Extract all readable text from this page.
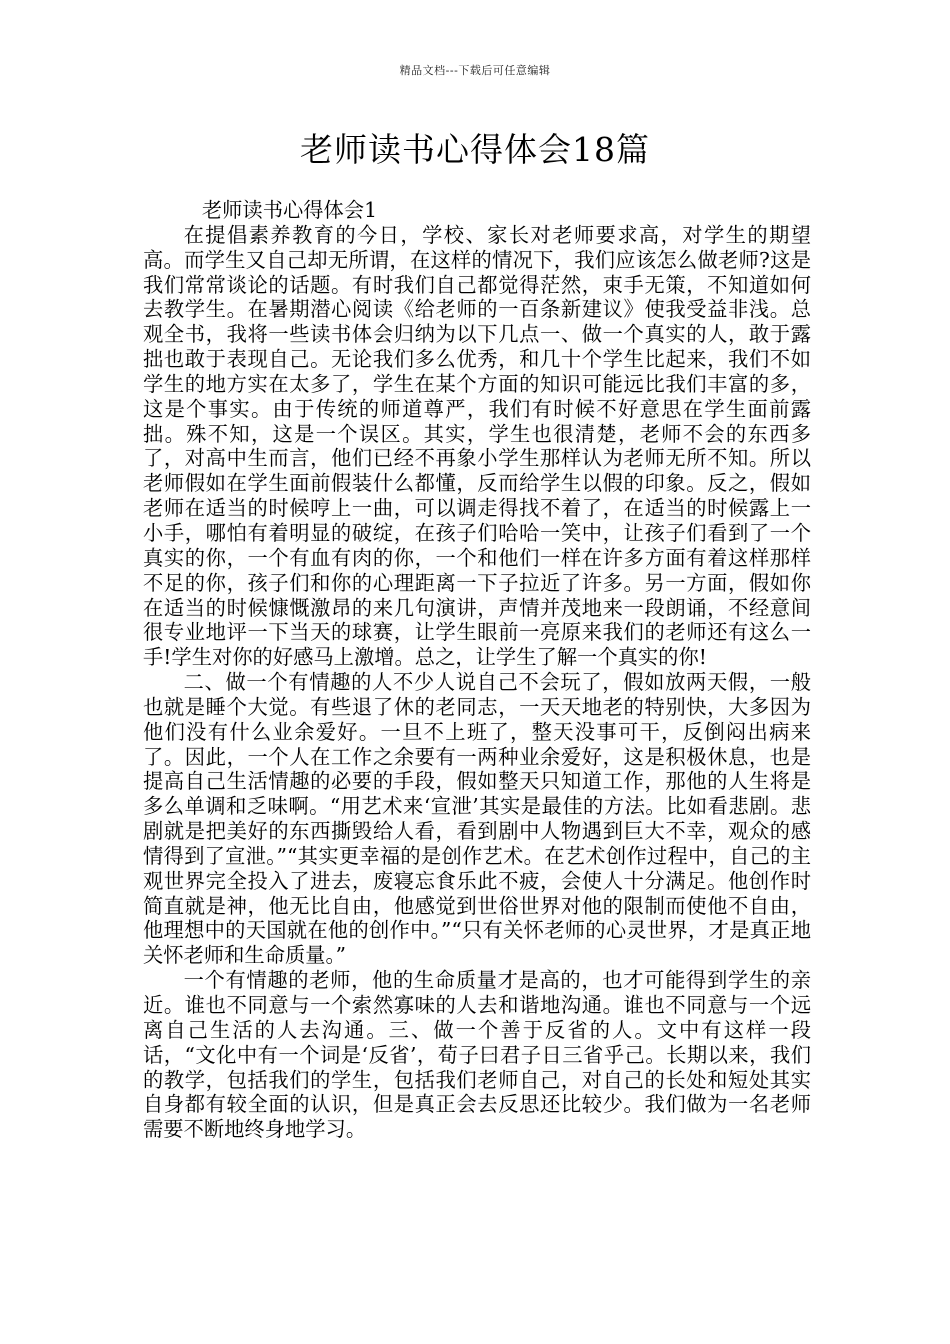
精品文档---下载后可任意编辑
老师读书心得体会18篇

老师读书心得体会1

在提倡素养教育的今日，学校、家长对老师要求高，对学生的期望高。而学生又自己却无所谓，在这样的情况下，我们应该怎么做老师?这是我们常常谈论的话题。有时我们自己都觉得茫然，束手无策，不知道如何去教学生。在暑期潜心阅读《给老师的一百条新建议》使我受益非浅。总观全书，我将一些读书体会归纳为以下几点一、做一个真实的人，敢于露拙也敢于表现自己。无论我们多么优秀，和几十个学生比起来，我们不如学生的地方实在太多了，学生在某个方面的知识可能远比我们丰富的多，这是个事实。由于传统的师道尊严，我们有时候不好意思在学生面前露拙。殊不知，这是一个误区。其实，学生也很清楚，老师不会的东西多了，对高中生而言，他们已经不再象小学生那样认为老师无所不知。所以老师假如在学生面前假装什么都懂，反而给学生以假的印象。反之，假如老师在适当的时候哼上一曲，可以调走得找不着了，在适当的时候露上一小手，哪怕有着明显的破绽，在孩子们哈哈一笑中，让孩子们看到了一个真实的你，一个有血有肉的你，一个和他们一样在许多方面有着这样那样不足的你，孩子们和你的心理距离一下子拉近了许多。另一方面，假如你在适当的时候慷慨激昂的来几句演讲，声情并茂地来一段朗诵，不经意间很专业地评一下当天的球赛，让学生眼前一亮原来我们的老师还有这么一手!学生对你的好感马上激增。总之，让学生了解一个真实的你!

二、做一个有情趣的人不少人说自己不会玩了，假如放两天假，一般也就是睡个大觉。有些退了休的老同志，一天天地老的特别快，大多因为他们没有什么业余爱好。一旦不上班了，整天没事可干，反倒闷出病来了。因此，一个人在工作之余要有一两种业余爱好，这是积极休息，也是提高自己生活情趣的必要的手段，假如整天只知道工作，那他的人生将是多么单调和乏味啊。“用艺术来‘宣泄’其实是最佳的方法。比如看悲剧。悲剧就是把美好的东西撕毁给人看，看到剧中人物遇到巨大不幸，观众的感情得到了宣泄。”“其实更幸福的是创作艺术。在艺术创作过程中，自己的主观世界完全投入了进去，废寝忘食乐此不疲，会使人十分满足。他创作时简直就是神，他无比自由，他感觉到世俗世界对他的限制而使他不自由，他理想中的天国就在他的创作中。”“只有关怀老师的心灵世界，才是真正地关怀老师和生命质量。”

一个有情趣的老师，他的生命质量才是高的，也才可能得到学生的亲近。谁也不同意与一个索然寡味的人去和谐地沟通。谁也不同意与一个远离自己生活的人去沟通。三、做一个善于反省的人。文中有这样一段话，“文化中有一个词是‘反省’，荀子曰君子日三省乎己。长期以来，我们的教学，包括我们的学生，包括我们老师自己，对自己的长处和短处其实自身都有较全面的认识，但是真正会去反思还比较少。我们做为一名老师需要不断地终身地学习。
